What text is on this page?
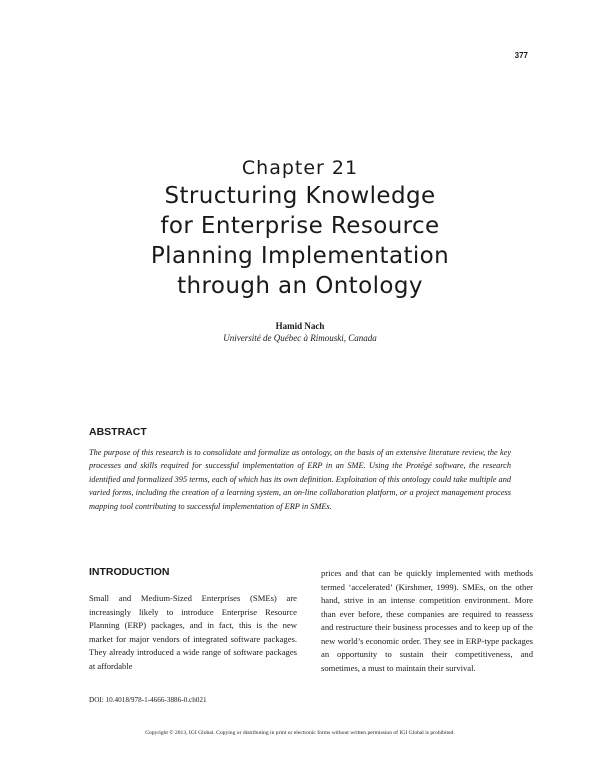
377
Chapter 21
Structuring Knowledge
for Enterprise Resource
Planning Implementation
through an Ontology
Hamid Nach
Université de Québec à Rimouski, Canada
ABSTRACT

The purpose of this research is to consolidate and formalize as ontology, on the basis of an extensive literature review, the key processes and skills required for successful implementation of ERP in an SME. Using the Protégé software, the research identified and formalized 395 terms, each of which has its own definition. Exploitation of this ontology could take multiple and varied forms, including the creation of a learning system, an on-line collaboration platform, or a project management process mapping tool contributing to successful implementation of ERP in SMEs.

INTRODUCTION

Small and Medium-Sized Enterprises (SMEs) are increasingly likely to introduce Enterprise Resource Planning (ERP) packages, and in fact, this is the new market for major vendors of integrated software packages. They already introduced a wide range of software packages at affordable

prices and that can be quickly implemented with methods termed ‘accelerated’ (Kirshmer, 1999). SMEs, on the other hand, strive in an intense competition environment. More than ever before, these companies are required to reassess and restructure their business processes and to keep up of the new world’s economic order. They see in ERP-type packages an opportunity to sustain their competitiveness, and sometimes, a must to maintain their survival.

DOI: 10.4018/978-1-4666-3886-0.ch021
Copyright © 2013, IGI Global. Copying or distributing in print or electronic forms without written permission of IGI Global is prohibited.
